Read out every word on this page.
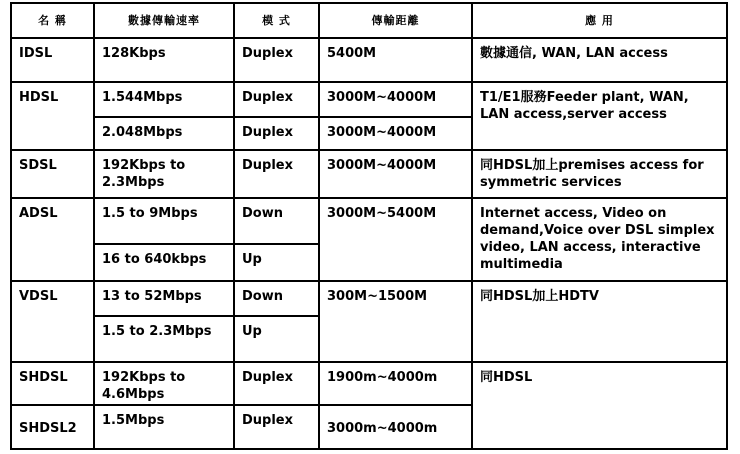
名 稱	數據傳輸速率	模 式	傳輸距離	應 用
IDSL	128Kbps	Duplex	5400M	數據通信, WAN, LAN access
HDSL	1.544Mbps	Duplex	3000M~4000M	T1/E1服務Feeder plant, WAN, LAN access,server access
	2.048Mbps	Duplex	3000M~4000M	
SDSL	192Kbps to 2.3Mbps	Duplex	3000M~4000M	同HDSL加上premises access for symmetric services
ADSL	1.5 to 9Mbps	Down	3000M~5400M	Internet access, Video on demand,Voice over DSL simplex video, LAN access, interactive multimedia
	16 to 640kbps	Up		
VDSL	13 to 52Mbps	Down	300M~1500M	同HDSL加上HDTV
	1.5 to 2.3Mbps	Up		
SHDSL	192Kbps to 4.6Mbps	Duplex	1900m~4000m	同HDSL
SHDSL2	1.5Mbps	Duplex	3000m~4000m	
